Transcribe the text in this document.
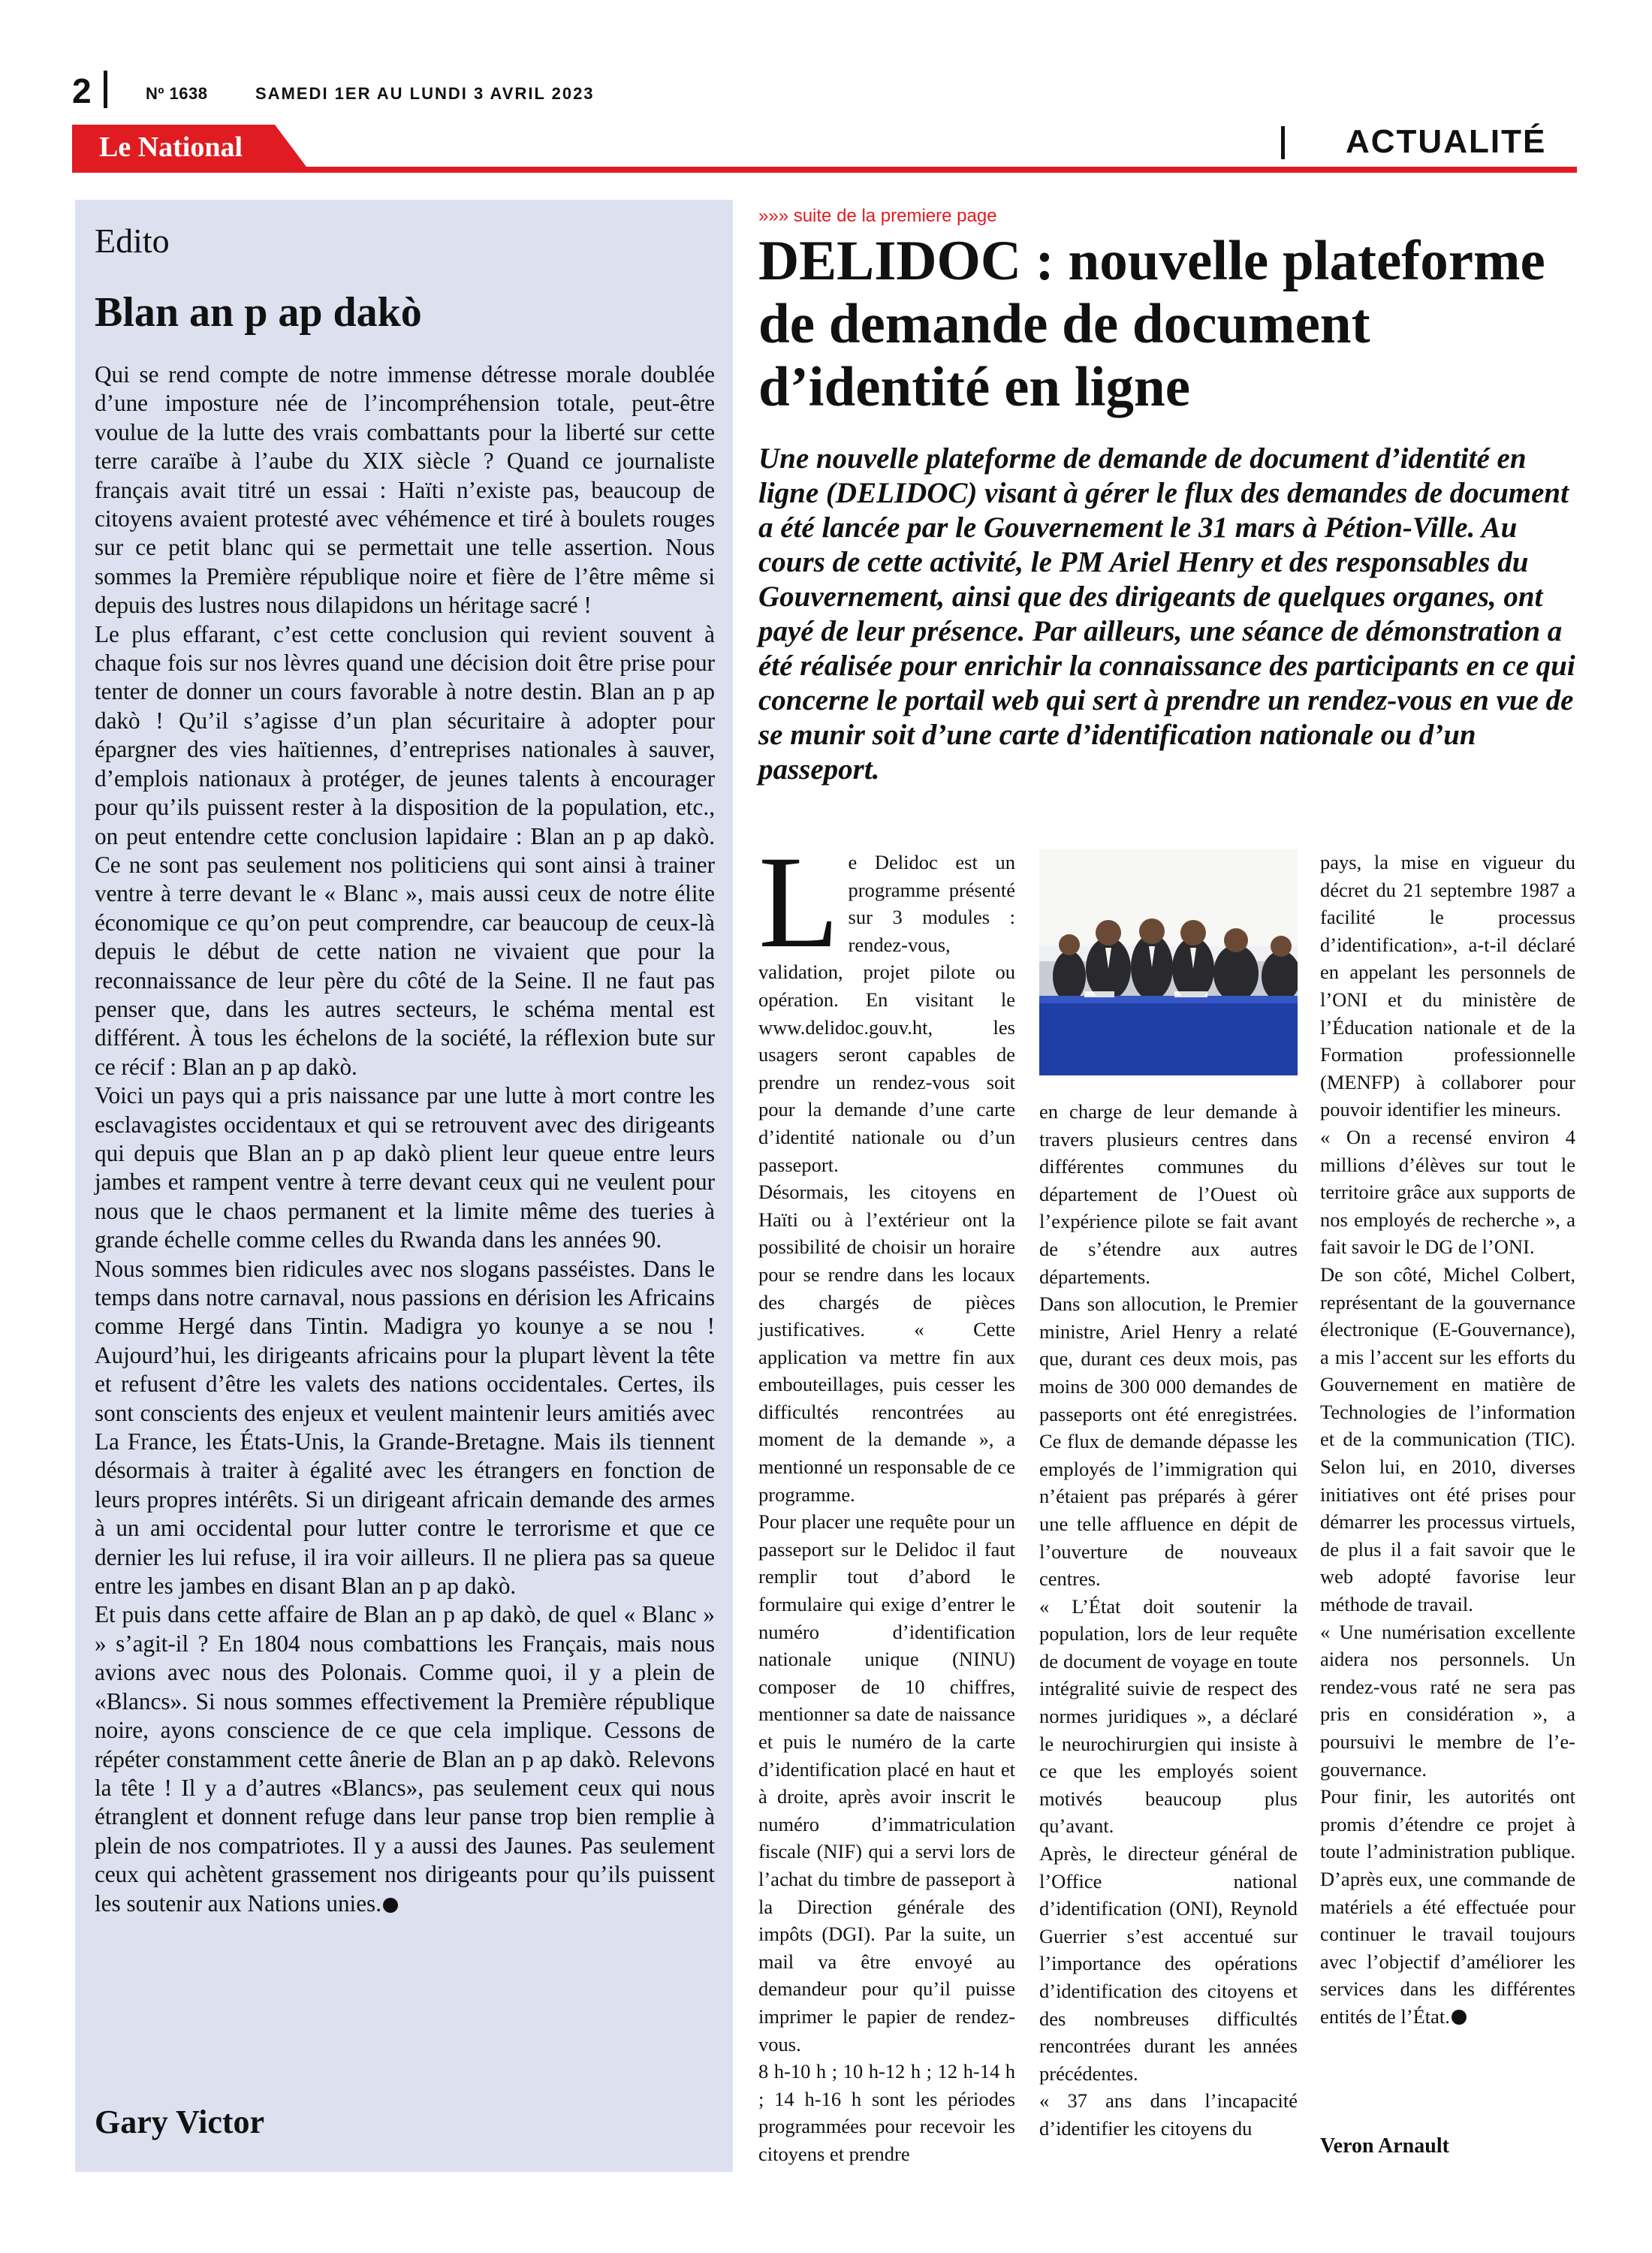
2	Nº 1638	SAMEDI 1ER AU LUNDI 3 AVRIL 2023
Le National	ACTUALITÉ
Edito
Blan an p ap dakò

Qui se rend compte de notre immense détresse morale doublée d’une imposture née de l’incompréhension totale, peut-être voulue de la lutte des vrais combattants pour la liberté sur cette terre caraïbe à l’aube du XIX siècle ? Quand ce journaliste français avait titré un essai : Haïti n’existe pas, beaucoup de citoyens avaient protesté avec véhémence et tiré à boulets rouges sur ce petit blanc qui se permettait une telle assertion. Nous sommes la Première république noire et fière de l’être même si depuis des lustres nous dilapidons un héritage sacré !

Le plus effarant, c’est cette conclusion qui revient souvent à chaque fois sur nos lèvres quand une décision doit être prise pour tenter de donner un cours favorable à notre destin. Blan an p ap dakò ! Qu’il s’agisse d’un plan sécuritaire à adopter pour épargner des vies haïtiennes, d’entreprises nationales à sauver, d’emplois nationaux à protéger, de jeunes talents à encourager pour qu’ils puissent rester à la disposition de la population, etc., on peut entendre cette conclusion lapidaire : Blan an p ap dakò. Ce ne sont pas seulement nos politiciens qui sont ainsi à trainer ventre à terre devant le « Blanc », mais aussi ceux de notre élite économique ce qu’on peut comprendre, car beaucoup de ceux-là depuis le début de cette nation ne vivaient que pour la reconnaissance de leur père du côté de la Seine. Il ne faut pas penser que, dans les autres secteurs, le schéma mental est différent. À tous les échelons de la société, la réflexion bute sur ce récif : Blan an p ap dakò.

Voici un pays qui a pris naissance par une lutte à mort contre les esclavagistes occidentaux et qui se retrouvent avec des dirigeants qui depuis que Blan an p ap dakò plient leur queue entre leurs jambes et rampent ventre à terre devant ceux qui ne veulent pour nous que le chaos permanent et la limite même des tueries à grande échelle comme celles du Rwanda dans les années 90.

Nous sommes bien ridicules avec nos slogans passéistes. Dans le temps dans notre carnaval, nous passions en dérision les Africains comme Hergé dans Tintin. Madigra yo kounye a se nou ! Aujourd’hui, les dirigeants africains pour la plupart lèvent la tête et refusent d’être les valets des nations occidentales. Certes, ils sont conscients des enjeux et veulent maintenir leurs amitiés avec La France, les États-Unis, la Grande-Bretagne. Mais ils tiennent désormais à traiter à égalité avec les étrangers en fonction de leurs propres intérêts. Si un dirigeant africain demande des armes à un ami occidental pour lutter contre le terrorisme et que ce dernier les lui refuse, il ira voir ailleurs. Il ne pliera pas sa queue entre les jambes en disant Blan an p ap dakò.

Et puis dans cette affaire de Blan an p ap dakò, de quel « Blanc » » s’agit-il ? En 1804 nous combattions les Français, mais nous avions avec nous des Polonais. Comme quoi, il y a plein de «Blancs». Si nous sommes effectivement la Première république noire, ayons conscience de ce que cela implique. Cessons de répéter constamment cette ânerie de Blan an p ap dakò. Relevons la tête ! Il y a d’autres «Blancs», pas seulement ceux qui nous étranglent et donnent refuge dans leur panse trop bien remplie à plein de nos compatriotes. Il y a aussi des Jaunes. Pas seulement ceux qui achètent grassement nos dirigeants pour qu’ils puissent les soutenir aux Nations unies.

Gary Victor
»»» suite de la premiere page
DELIDOC : nouvelle plateforme de demande de document d’identité en ligne
Une nouvelle plateforme de demande de document d’identité en ligne (DELIDOC) visant à gérer le flux des demandes de document a été lancée par le Gouvernement le 31 mars à Pétion-Ville. Au cours de cette activité, le PM Ariel Henry et des responsables du Gouvernement, ainsi que des dirigeants de quelques organes, ont payé de leur présence. Par ailleurs, une séance de démonstration a été réalisée pour enrichir la connaissance des participants en ce qui concerne le portail web qui sert à prendre un rendez-vous en vue de se munir soit d’une carte d’identification nationale ou d’un passeport.
L e Delidoc est un programme présenté sur 3 modules : rendez-vous, validation, projet pilote ou opération. En visitant le www.delidoc.gouv.ht, les usagers seront capables de prendre un rendez-vous soit pour la demande d’une carte d’identité nationale ou d’un passeport.

Désormais, les citoyens en Haïti ou à l’extérieur ont la possibilité de choisir un horaire pour se rendre dans les locaux des chargés de pièces justificatives. « Cette application va mettre fin aux embouteillages, puis cesser les difficultés rencontrées au moment de la demande », a mentionné un responsable de ce programme.

Pour placer une requête pour un passeport sur le Delidoc il faut remplir tout d’abord le formulaire qui exige d’entrer le numéro d’identification nationale unique (NINU) composer de 10 chiffres, mentionner sa date de naissance et puis le numéro de la carte d’identification placé en haut et à droite, après avoir inscrit le numéro d’immatriculation fiscale (NIF) qui a servi lors de l’achat du timbre de passeport à la Direction générale des impôts (DGI). Par la suite, un mail va être envoyé au demandeur pour qu’il puisse imprimer le papier de rendez-vous.

8 h-10 h ; 10 h-12 h ; 12 h-14 h ; 14 h-16 h sont les périodes programmées pour recevoir les citoyens et prendre

en charge de leur demande à travers plusieurs centres dans différentes communes du département de l’Ouest où l’expérience pilote se fait avant de s’étendre aux autres départements.

Dans son allocution, le Premier ministre, Ariel Henry a relaté que, durant ces deux mois, pas moins de 300 000 demandes de passeports ont été enregistrées. Ce flux de demande dépasse les employés de l’immigration qui n’étaient pas préparés à gérer une telle affluence en dépit de l’ouverture de nouveaux centres.

« L’État doit soutenir la population, lors de leur requête de document de voyage en toute intégralité suivie de respect des normes juridiques », a déclaré le neurochirurgien qui insiste à ce que les employés soient motivés beaucoup plus qu’avant.

Après, le directeur général de l’Office national d’identification (ONI), Reynold Guerrier s’est accentué sur l’importance des opérations d’identification des citoyens et des nombreuses difficultés rencontrées durant les années précédentes.

« 37 ans dans l’incapacité d’identifier les citoyens du

pays, la mise en vigueur du décret du 21 septembre 1987 a facilité le processus d’identification», a-t-il déclaré en appelant les personnels de l’ONI et du ministère de l’Éducation nationale et de la Formation professionnelle (MENFP) à collaborer pour pouvoir identifier les mineurs.

« On a recensé environ 4 millions d’élèves sur tout le territoire grâce aux supports de nos employés de recherche », a fait savoir le DG de l’ONI.

De son côté, Michel Colbert, représentant de la gouvernance électronique (E-Gouvernance), a mis l’accent sur les efforts du Gouvernement en matière de Technologies de l’information et de la communication (TIC). Selon lui, en 2010, diverses initiatives ont été prises pour démarrer les processus virtuels, de plus il a fait savoir que le web adopté favorise leur méthode de travail.

« Une numérisation excellente aidera nos personnels. Un rendez-vous raté ne sera pas pris en considération », a poursuivi le membre de l’e-gouvernance.

Pour finir, les autorités ont promis d’étendre ce projet à toute l’administration publique. D’après eux, une commande de matériels a été effectuée pour continuer le travail toujours avec l’objectif d’améliorer les services dans les différentes entités de l’État.

Veron Arnault
